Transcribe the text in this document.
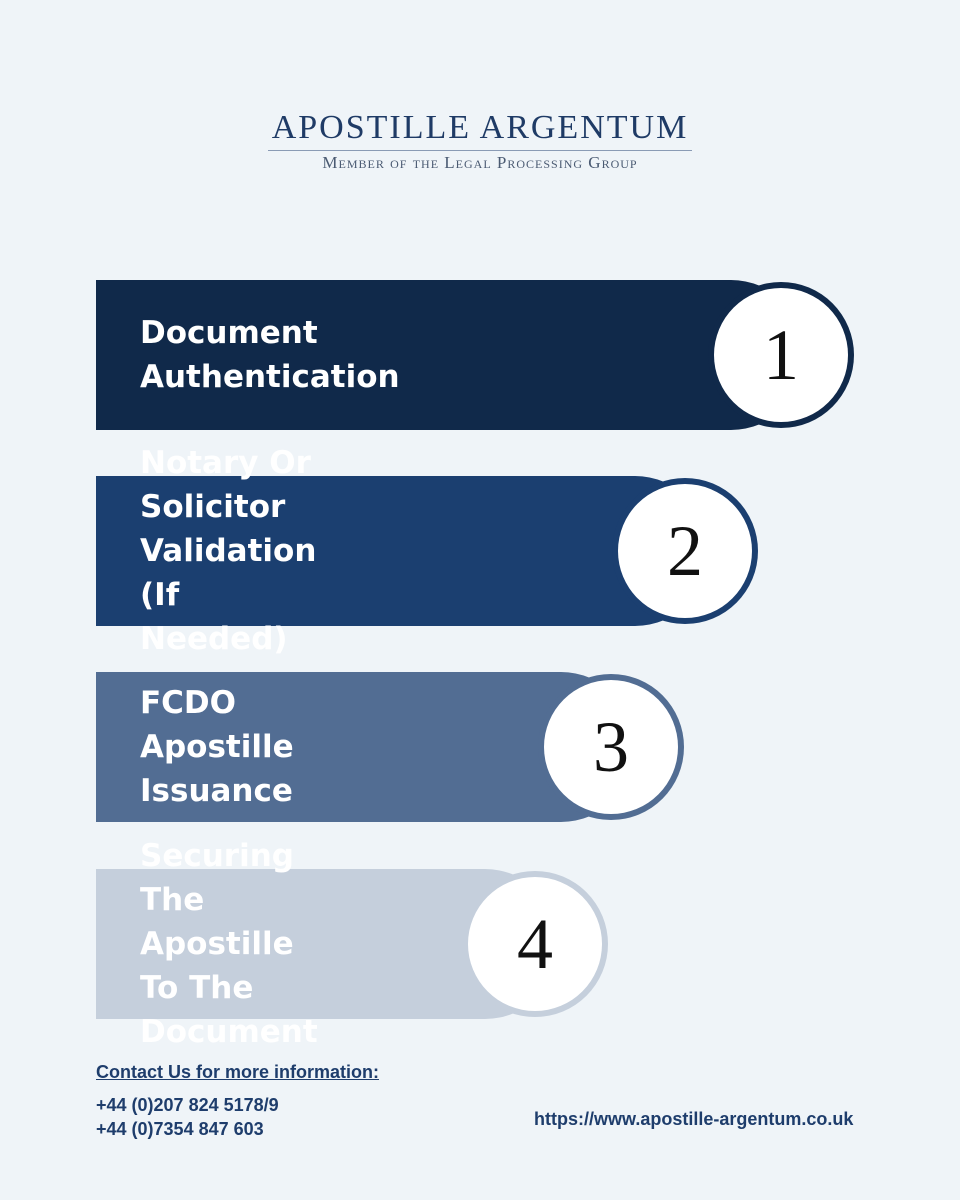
APOSTILLE ARGENTUM
Member of the Legal Processing Group
Document Authentication	1
Notary Or Solicitor
Validation (If Needed)
2
FCDO Apostille
Issuance
3
Securing The
Apostille To The
Document
4
Contact Us for more information:
+44 (0)207 824 5178/9
+44 (0)7354 847 603	https://www.apostille-argentum.co.uk
